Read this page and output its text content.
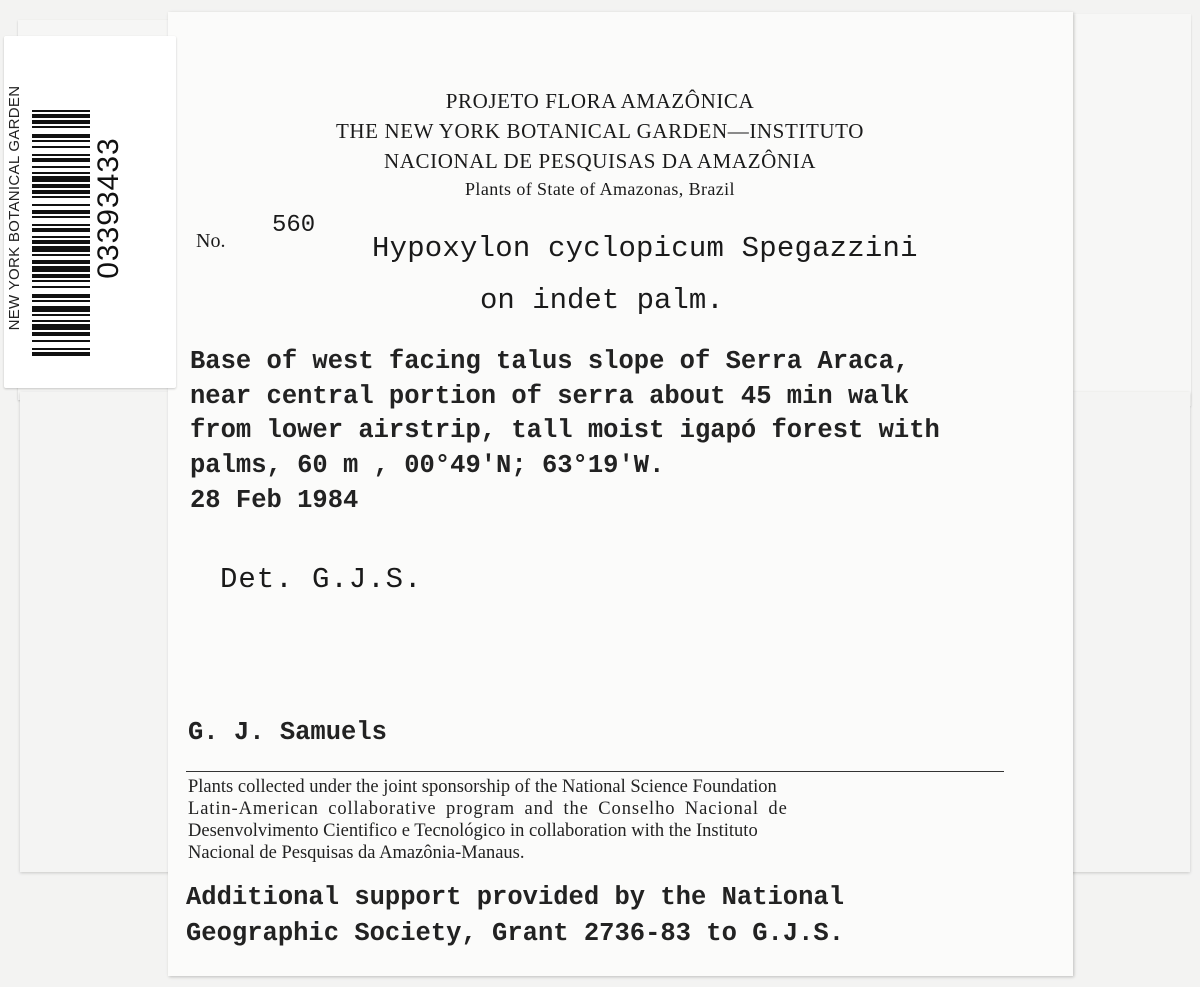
NEW YORK BOTANICAL GARDEN 03393433
PROJETO FLORA AMAZÔNICA
THE NEW YORK BOTANICAL GARDEN—INSTITUTO
NACIONAL DE PESQUISAS DA AMAZÔNIA
Plants of State of Amazonas, Brazil
No.
560
Hypoxylon cyclopicum Spegazzini
on indet palm.
Base of west facing talus slope of Serra Araca,
near central portion of serra about 45 min walk
from lower airstrip, tall moist igapó forest with
palms, 60 m , 00°49'N; 63°19'W.
28 Feb 1984
Det. G.J.S.
G. J. Samuels
Plants collected under the joint sponsorship of the National Science Foundation
Latin-American collaborative program and the Conselho Nacional de
Desenvolvimento Cientifico e Tecnológico in collaboration with the Instituto
Nacional de Pesquisas da Amazônia-Manaus.
Additional support provided by the National
Geographic Society, Grant 2736-83 to G.J.S.
